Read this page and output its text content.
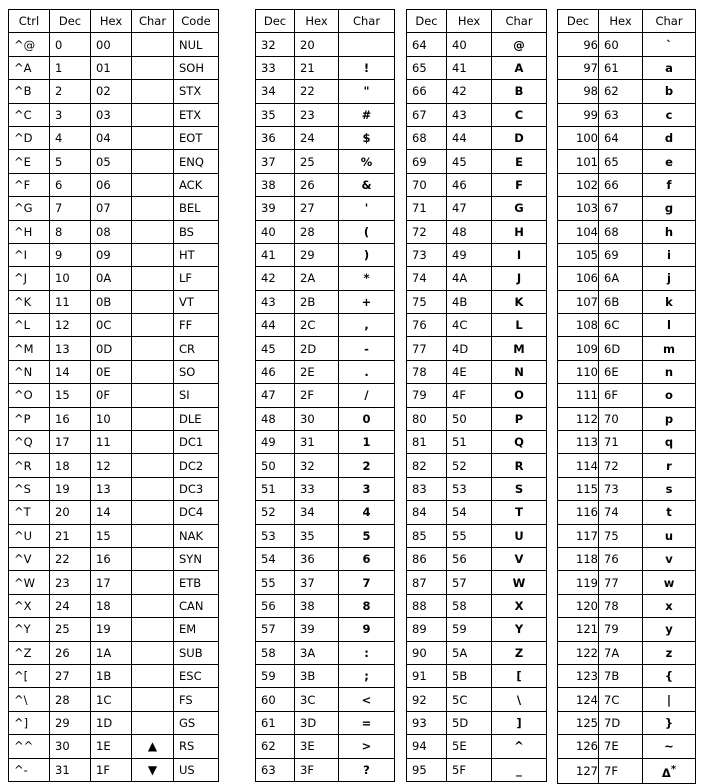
Ctrl	Dec	Hex	Char	Code
^@	0	00		NUL
^A	1	01		SOH
^B	2	02		STX
^C	3	03		ETX
^D	4	04		EOT
^E	5	05		ENQ
^F	6	06		ACK
^G	7	07		BEL
^H	8	08		BS
^I	9	09		HT
^J	10	0A		LF
^K	11	0B		VT
^L	12	0C		FF
^M	13	0D		CR
^N	14	0E		SO
^O	15	0F		SI
^P	16	10		DLE
^Q	17	11		DC1
^R	18	12		DC2
^S	19	13		DC3
^T	20	14		DC4
^U	21	15		NAK
^V	22	16		SYN
^W	23	17		ETB
^X	24	18		CAN
^Y	25	19		EM
^Z	26	1A		SUB
^[	27	1B		ESC
^\	28	1C		FS
^]	29	1D		GS
^^	30	1E	▲	RS
^-	31	1F	▼	US
Dec	Hex	Char
32	20	
33	21	!
34	22	"
35	23	#
36	24	$
37	25	%
38	26	&
39	27	'
40	28	(
41	29	)
42	2A	*
43	2B	+
44	2C	,
45	2D	-
46	2E	.
47	2F	/
48	30	0
49	31	1
50	32	2
51	33	3
52	34	4
53	35	5
54	36	6
55	37	7
56	38	8
57	39	9
58	3A	:
59	3B	;
60	3C	<
61	3D	=
62	3E	>
63	3F	?
Dec	Hex	Char
64	40	@
65	41	A
66	42	B
67	43	C
68	44	D
69	45	E
70	46	F
71	47	G
72	48	H
73	49	I
74	4A	J
75	4B	K
76	4C	L
77	4D	M
78	4E	N
79	4F	O
80	50	P
81	51	Q
82	52	R
83	53	S
84	54	T
85	55	U
86	56	V
87	57	W
88	58	X
89	59	Y
90	5A	Z
91	5B	[
92	5C	\
93	5D	]
94	5E	^
95	5F	_
Dec	Hex	Char
96	60	`
97	61	a
98	62	b
99	63	c
100	64	d
101	65	e
102	66	f
103	67	g
104	68	h
105	69	i
106	6A	j
107	6B	k
108	6C	l
109	6D	m
110	6E	n
111	6F	o
112	70	p
113	71	q
114	72	r
115	73	s
116	74	t
117	75	u
118	76	v
119	77	w
120	78	x
121	79	y
122	7A	z
123	7B	{
124	7C	|
125	7D	}
126	7E	~
127	7F	Δ*
